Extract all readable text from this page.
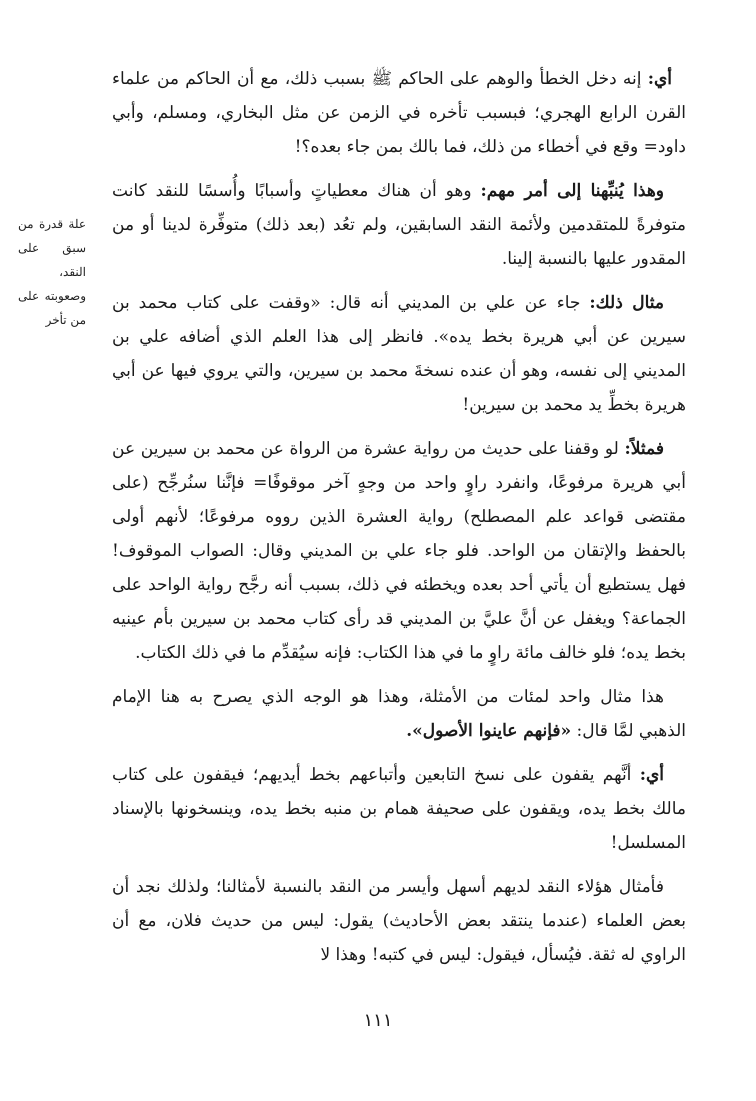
علة قدرة من سبق على النقد، وصعوبته على من تأخر

أي: إنه دخل الخطأ والوهم على الحاكم ﷺ بسبب ذلك، مع أن الحاكم من علماء القرن الرابع الهجري؛ فبسبب تأخره في الزمن عن مثل البخاري، ومسلم، وأبي داود= وقع في أخطاء من ذلك، فما بالك بمن جاء بعده؟!

وهذا يُنبِّهنا إلى أمر مهم: وهو أن هناك معطياتٍ وأسبابًا وأُسسًا للنقد كانت متوفرةً للمتقدمين ولأئمة النقد السابقين، ولم تعُد (بعد ذلك) متوفِّرة لدينا أو من المقدور عليها بالنسبة إلينا.

مثال ذلك: جاء عن علي بن المديني أنه قال: «وقفت على كتاب محمد بن سيرين عن أبي هريرة بخط يده». فانظر إلى هذا العلم الذي أضافه علي بن المديني إلى نفسه، وهو أن عنده نسخةَ محمد بن سيرين، والتي يروي فيها عن أبي هريرة بخطِّ يد محمد بن سيرين!

فمثلاً: لو وقفنا على حديث من رواية عشرة من الرواة عن محمد بن سيرين عن أبي هريرة مرفوعًا، وانفرد راوٍ واحد من وجهٍ آخر موقوفًا= فإنَّنا سنُرجِّح (على مقتضى قواعد علم المصطلح) رواية العشرة الذين رووه مرفوعًا؛ لأنهم أولى بالحفظ والإتقان من الواحد. فلو جاء علي بن المديني وقال: الصواب الموقوف! فهل يستطيع أن يأتي أحد بعده ويخطئه في ذلك، بسبب أنه رجَّح رواية الواحد على الجماعة؟ ويغفل عن أنَّ عليَّ بن المديني قد رأى كتاب محمد بن سيرين بأم عينيه بخط يده؛ فلو خالف مائة راوٍ ما في هذا الكتاب: فإنه سيُقدِّم ما في ذلك الكتاب.

هذا مثال واحد لمئات من الأمثلة، وهذا هو الوجه الذي يصرح به هنا الإمام الذهبي لمَّا قال: «فإنهم عاينوا الأصول».

أي: أنَّهم يقفون على نسخ التابعين وأتباعهم بخط أيديهم؛ فيقفون على كتاب مالك بخط يده، ويقفون على صحيفة همام بن منبه بخط يده، وينسخونها بالإسناد المسلسل!

فأمثال هؤلاء النقد لديهم أسهل وأيسر من النقد بالنسبة لأمثالنا؛ ولذلك نجد أن بعض العلماء (عندما ينتقد بعض الأحاديث) يقول: ليس من حديث فلان، مع أن الراوي له ثقة. فيُسأل، فيقول: ليس في كتبه! وهذا لا

١١١
